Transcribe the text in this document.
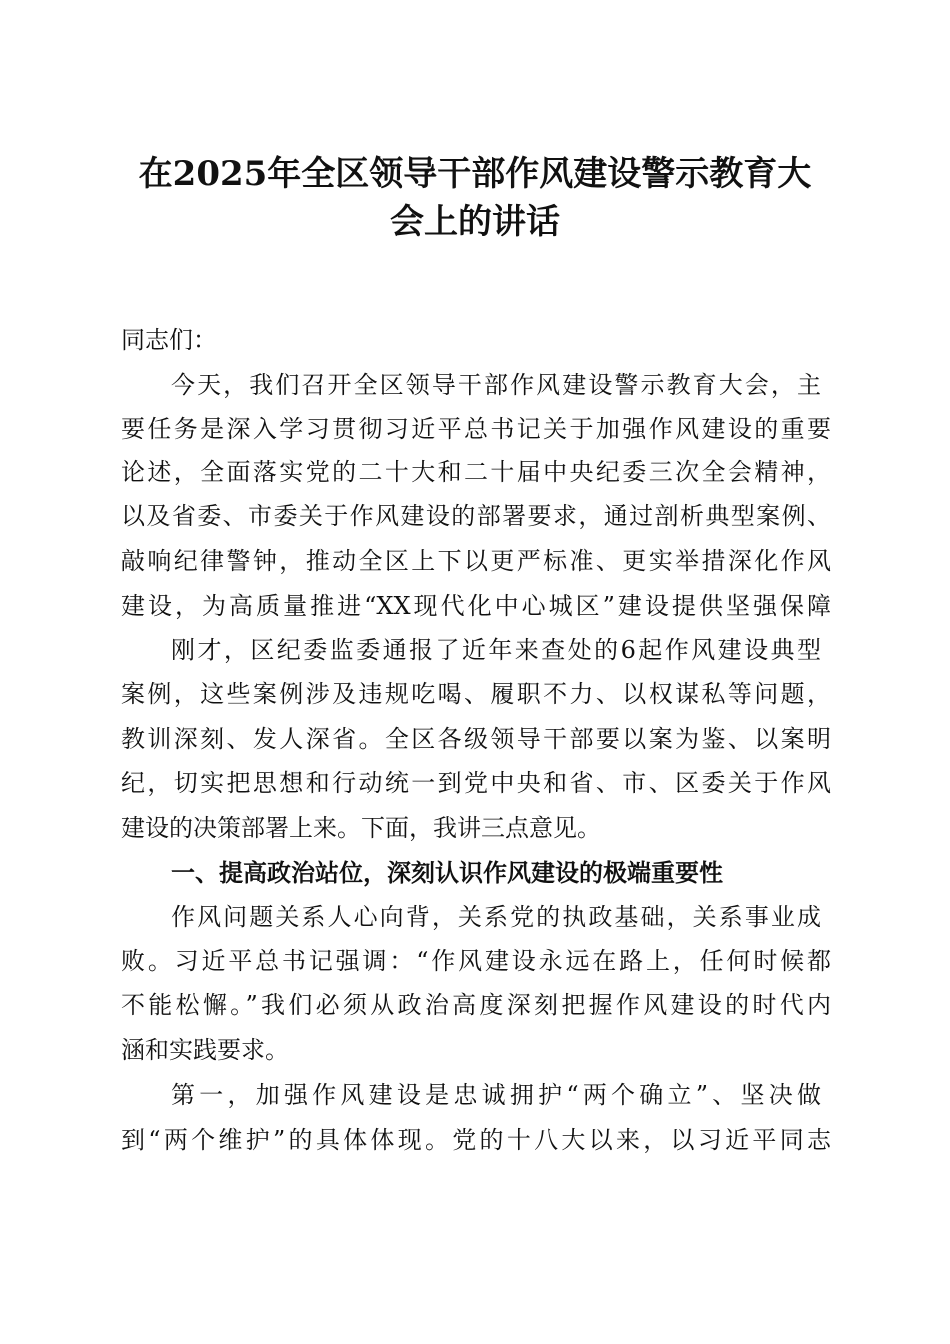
在2025年全区领导干部作风建设警示教育大
会上的讲话
同志们：
今天，我们召开全区领导干部作风建设警示教育大会，主
要任务是深入学习贯彻习近平总书记关于加强作风建设的重要
论述，全面落实党的二十大和二十届中央纪委三次全会精神，
以及省委、市委关于作风建设的部署要求，通过剖析典型案例、
敲响纪律警钟，推动全区上下以更严标准、更实举措深化作风
建设，为高质量推进“XX现代化中心城区”建设提供坚强保障
刚才，区纪委监委通报了近年来查处的6起作风建设典型
案例，这些案例涉及违规吃喝、履职不力、以权谋私等问题，
教训深刻、发人深省。全区各级领导干部要以案为鉴、以案明
纪，切实把思想和行动统一到党中央和省、市、区委关于作风
建设的决策部署上来。下面，我讲三点意见。
一、提高政治站位，深刻认识作风建设的极端重要性
作风问题关系人心向背，关系党的执政基础，关系事业成
败。习近平总书记强调：“作风建设永远在路上，任何时候都
不能松懈。”我们必须从政治高度深刻把握作风建设的时代内
涵和实践要求。
第一，加强作风建设是忠诚拥护“两个确立”、坚决做
到“两个维护”的具体体现。党的十八大以来，以习近平同志
